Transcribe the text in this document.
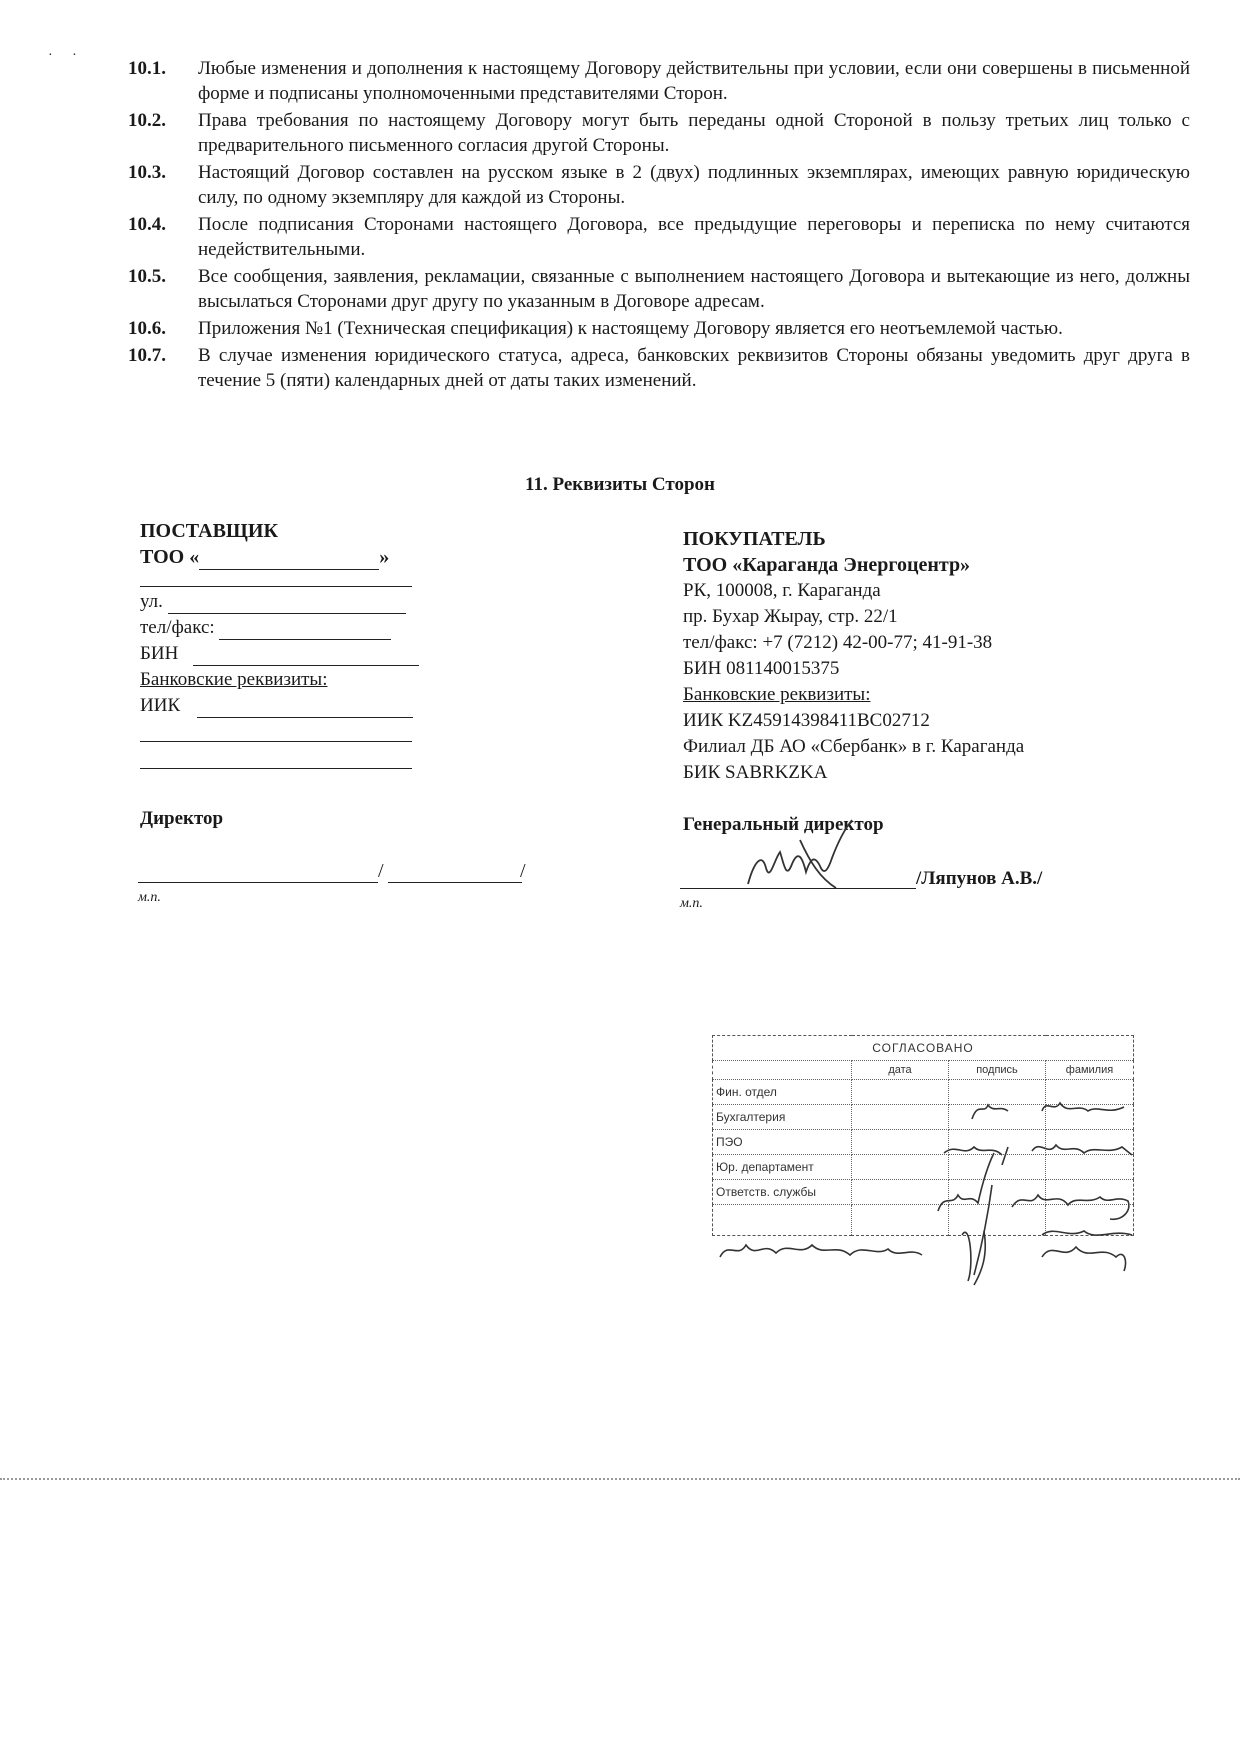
· ·
10.1.	Любые изменения и дополнения к настоящему Договору действительны при условии, если они совершены в письменной форме и подписаны уполномоченными представителями Сторон.
10.2.	Права требования по настоящему Договору могут быть переданы одной Стороной в пользу третьих лиц только с предварительного письменного согласия другой Стороны.
10.3.	Настоящий Договор составлен на русском языке в 2 (двух) подлинных экземплярах, имеющих равную юридическую силу, по одному экземпляру для каждой из Стороны.
10.4.	После подписания Сторонами настоящего Договора, все предыдущие переговоры и переписка по нему считаются недействительными.
10.5.	Все сообщения, заявления, рекламации, связанные с выполнением настоящего Договора и вытекающие из него, должны высылаться Сторонами друг другу по указанным в Договоре адресам.
10.6.	Приложения №1 (Техническая спецификация) к настоящему Договору является его неотъемлемой частью.
10.7.	В случае изменения юридического статуса, адреса, банковских реквизитов Стороны обязаны уведомить друг друга в течение 5 (пяти) календарных дней от даты таких изменений.
11. Реквизиты Сторон
ПОСТАВЩИК
ТОО «	»
ул.
тел/факс:
БИН
Банковские реквизиты:
ИИК
Директор
/	/
м.п.
ПОКУПАТЕЛЬ
ТОО «Караганда Энергоцентр»
РК, 100008, г. Караганда
пр. Бухар Жырау, стр. 22/1
тел/факс: +7 (7212) 42-00-77; 41-91-38
БИН 081140015375
Банковские реквизиты:
ИИК KZ45914398411BC02712
Филиал ДБ АО «Сбербанк» в г. Караганда
БИК SABRKZKA
Генеральный директор
/Ляпунов А.В./
м.п.
СОГЛАСОВАНО			
	дата	подпись	фамилия
Фин. отдел			
Бухгалтерия			
ПЭО			
Юр. департамент			
Ответств. службы			
